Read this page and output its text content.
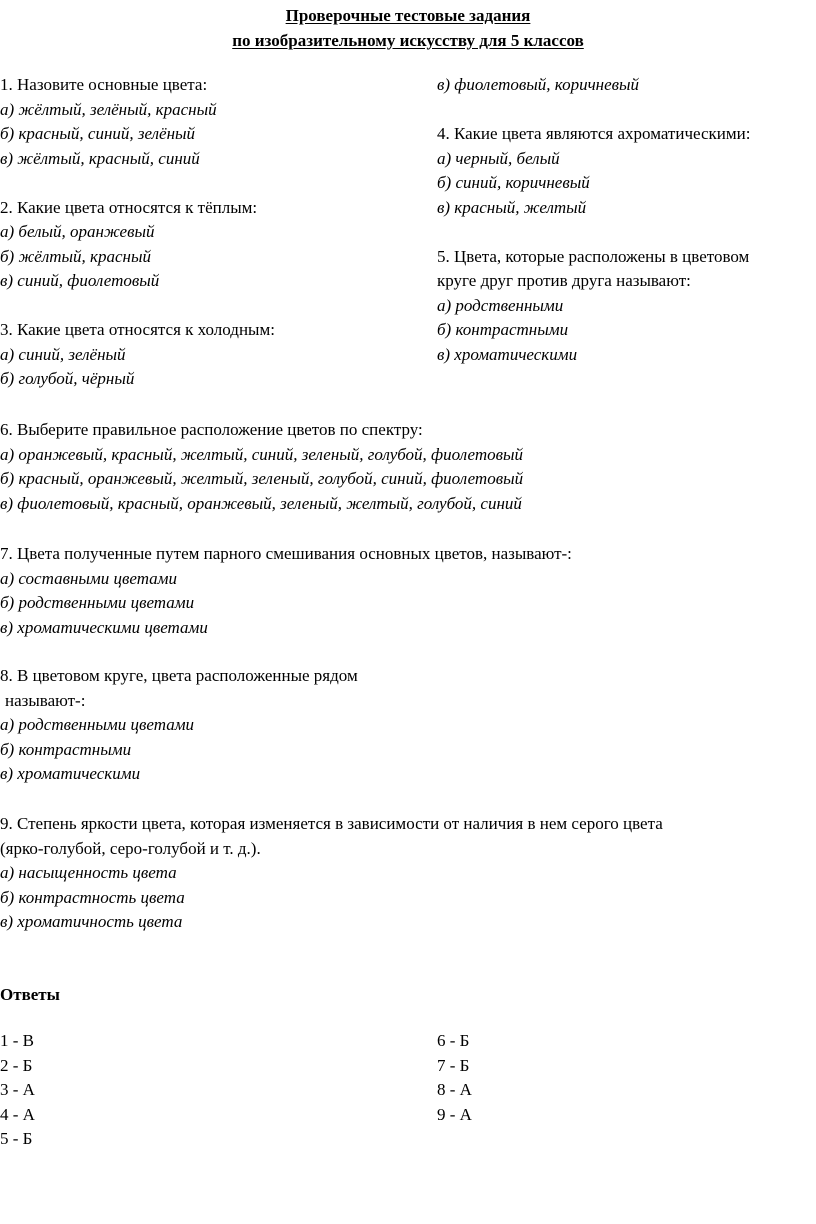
Проверочные тестовые задания
по изобразительному искусству для 5 классов
1. Назовите основные цвета:
а) жёлтый, зелёный, красный
б) красный, синий, зелёный
в) жёлтый, красный, синий
2. Какие цвета относятся к тёплым:
а) белый, оранжевый
б) жёлтый, красный
в) синий, фиолетовый
3. Какие цвета относятся к холодным:
а) синий, зелёный
б) голубой, чёрный
в) фиолетовый, коричневый
4. Какие цвета являются ахроматическими:
а) черный, белый
б) синий, коричневый
в) красный, желтый
5. Цвета, которые расположены в цветовом
круге друг против друга называют:
а) родственными
б) контрастными
в) хроматическими
6. Выберите правильное расположение цветов по спектру:
а) оранжевый, красный, желтый, синий, зеленый, голубой, фиолетовый
б) красный, оранжевый, желтый, зеленый, голубой, синий, фиолетовый
в) фиолетовый, красный, оранжевый, зеленый, желтый, голубой, синий
7. Цвета полученные путем парного смешивания основных цветов, называют-:
а) составными цветами
б) родственными цветами
в) хроматическими цветами
8. В цветовом круге, цвета расположенные рядом
называют-:
а) родственными цветами
б) контрастными
в) хроматическими
9. Степень яркости цвета, которая изменяется в зависимости от наличия в нем серого цвета
(ярко-голубой, серо-голубой и т. д.).
а) насыщенность цвета
б) контрастность цвета
в) хроматичность цвета
Ответы
1 - В
2 - Б
3 - А
4 - А
5 - Б
6 - Б
7 - Б
8 - А
9 - А
